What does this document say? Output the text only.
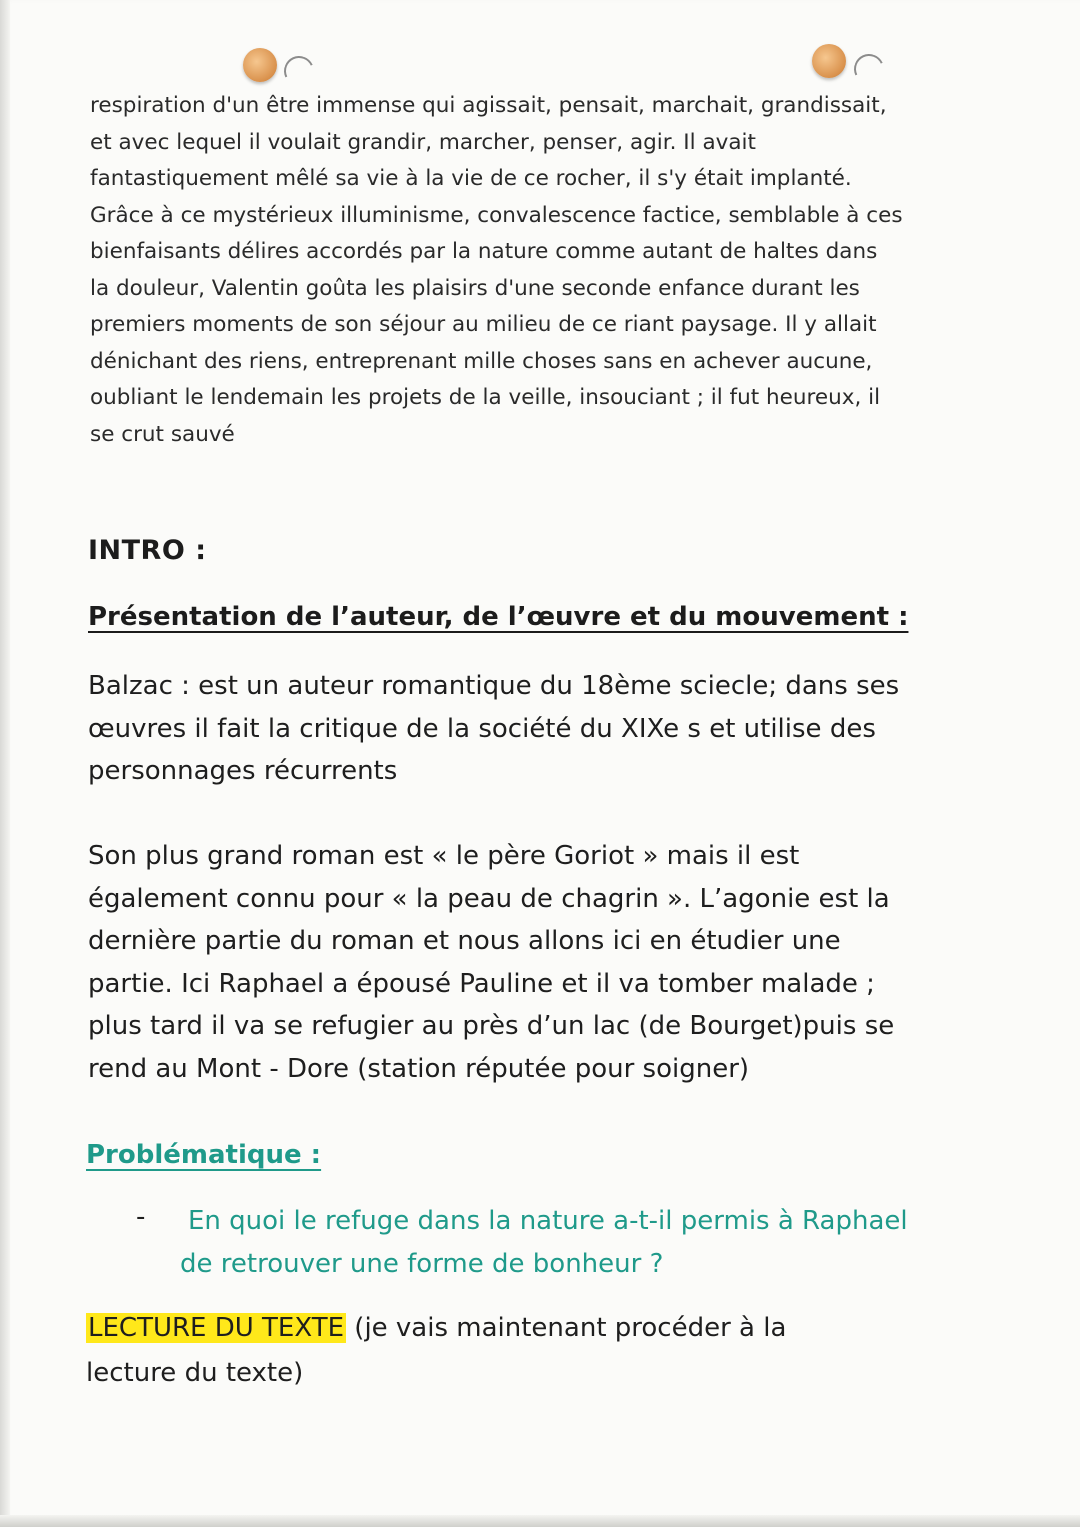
respiration d'un être immense qui agissait, pensait, marchait, grandissait,
et avec lequel il voulait grandir, marcher, penser, agir. Il avait
fantastiquement mêlé sa vie à la vie de ce rocher, il s'y était implanté.
Grâce à ce mystérieux illuminisme, convalescence factice, semblable à ces
bienfaisants délires accordés par la nature comme autant de haltes dans
la douleur, Valentin goûta les plaisirs d'une seconde enfance durant les
premiers moments de son séjour au milieu de ce riant paysage. Il y allait
dénichant des riens, entreprenant mille choses sans en achever aucune,
oubliant le lendemain les projets de la veille, insouciant ; il fut heureux, il
se crut sauvé

INTRO :
Présentation de l’auteur, de l’œuvre et du mouvement :

Balzac : est un auteur romantique du 18ème sciecle; dans ses
œuvres il fait la critique de la société du XIXe s et utilise des
personnages récurrents

Son plus grand roman est « le père Goriot » mais il est
également connu pour « la peau de chagrin ». L’agonie est la
dernière partie du roman et nous allons ici en étudier une
partie. Ici Raphael a épousé Pauline et il va tomber malade ;
plus tard il va se refugier au près d’un lac (de Bourget)puis se
rend au Mont - Dore (station réputée pour soigner)

Problématique :
-	En quoi le refuge dans la nature a-t-il permis à Raphael
de retrouver une forme de bonheur ?

LECTURE DU TEXTE (je vais maintenant procéder à la
lecture du texte)
